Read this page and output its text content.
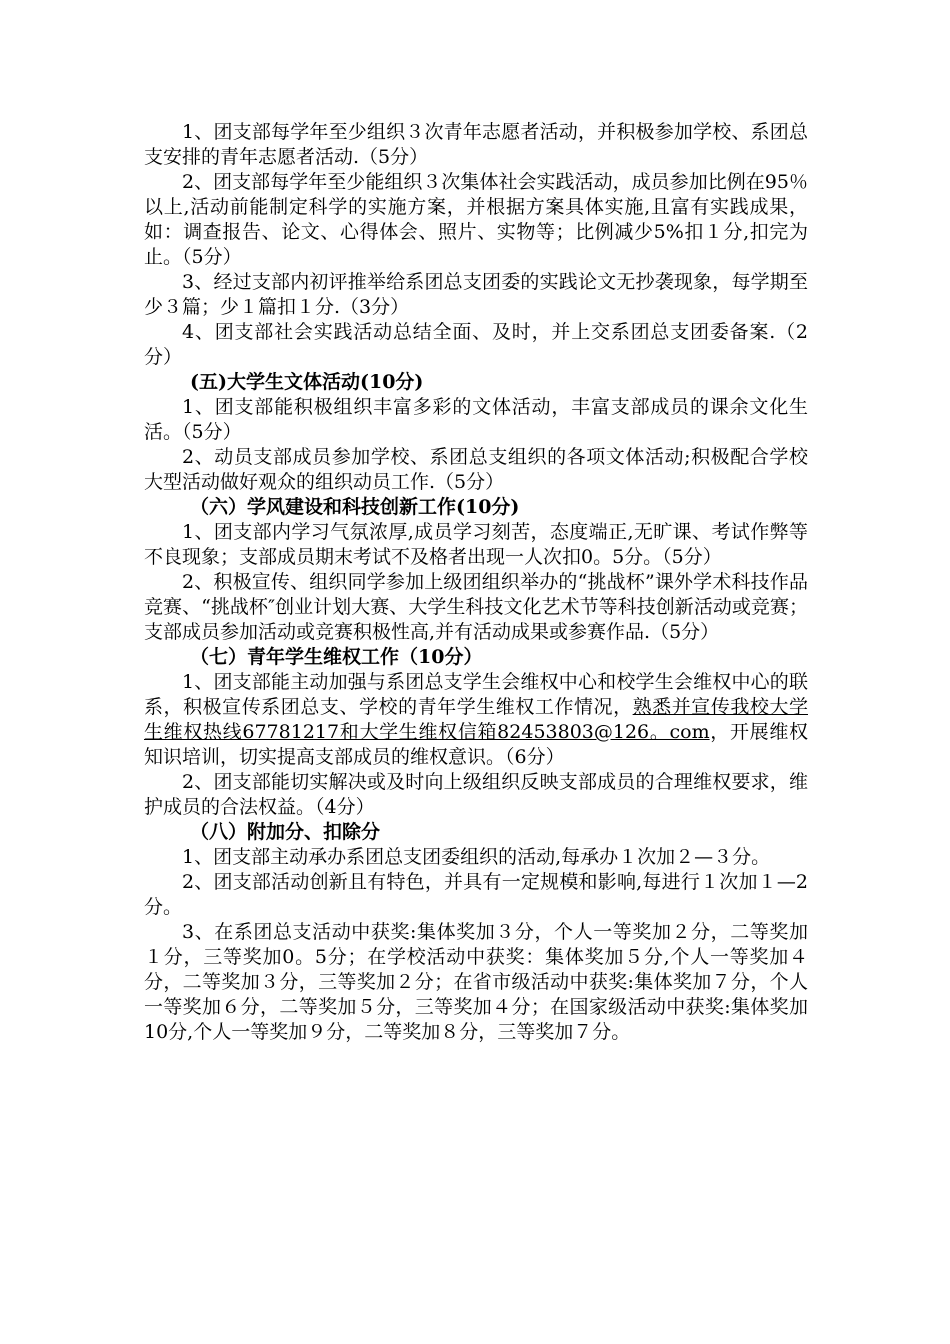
1、团支部每学年至少组织３次青年志愿者活动，并积极参加学校、系团总支安排的青年志愿者活动.（5分）

2、团支部每学年至少能组织３次集体社会实践活动，成员参加比例在95％以上,活动前能制定科学的实施方案，并根据方案具体实施,且富有实践成果，如：调查报告、论文、心得体会、照片、实物等；比例减少5%扣１分,扣完为止。（5分）

3、经过支部内初评推举给系团总支团委的实践论文无抄袭现象，每学期至少３篇；少１篇扣１分.（3分）

4、团支部社会实践活动总结全面、及时，并上交系团总支团委备案.（2分）

(五)大学生文体活动(10分)

1、团支部能积极组织丰富多彩的文体活动，丰富支部成员的课余文化生活。（5分）

2、动员支部成员参加学校、系团总支组织的各项文体活动;积极配合学校大型活动做好观众的组织动员工作.（5分）

（六）学风建设和科技创新工作(10分)

1、团支部内学习气氛浓厚,成员学习刻苦，态度端正,无旷课、考试作弊等不良现象；支部成员期末考试不及格者出现一人次扣0。5分。（5分）

2、积极宣传、组织同学参加上级团组织举办的“挑战杯”课外学术科技作品竞赛、“挑战杯″创业计划大赛、大学生科技文化艺术节等科技创新活动或竞赛；支部成员参加活动或竞赛积极性高,并有活动成果或参赛作品.（5分）

（七）青年学生维权工作（10分）

1、团支部能主动加强与系团总支学生会维权中心和校学生会维权中心的联系，积极宣传系团总支、学校的青年学生维权工作情况，熟悉并宣传我校大学生维权热线67781217和大学生维权信箱82453803@126。com，开展维权知识培训，切实提高支部成员的维权意识。（6分）

2、团支部能切实解决或及时向上级组织反映支部成员的合理维权要求，维护成员的合法权益。（4分）

（八）附加分、扣除分

1、团支部主动承办系团总支团委组织的活动,每承办１次加２—３分。

2、团支部活动创新且有特色，并具有一定规模和影响,每进行１次加１—2分。

3、在系团总支活动中获奖:集体奖加３分，个人一等奖加２分，二等奖加１分，三等奖加0。5分；在学校活动中获奖：集体奖加５分,个人一等奖加４分，二等奖加３分，三等奖加２分；在省市级活动中获奖:集体奖加７分，个人一等奖加６分，二等奖加５分，三等奖加４分；在国家级活动中获奖:集体奖加10分,个人一等奖加９分，二等奖加８分，三等奖加７分。
